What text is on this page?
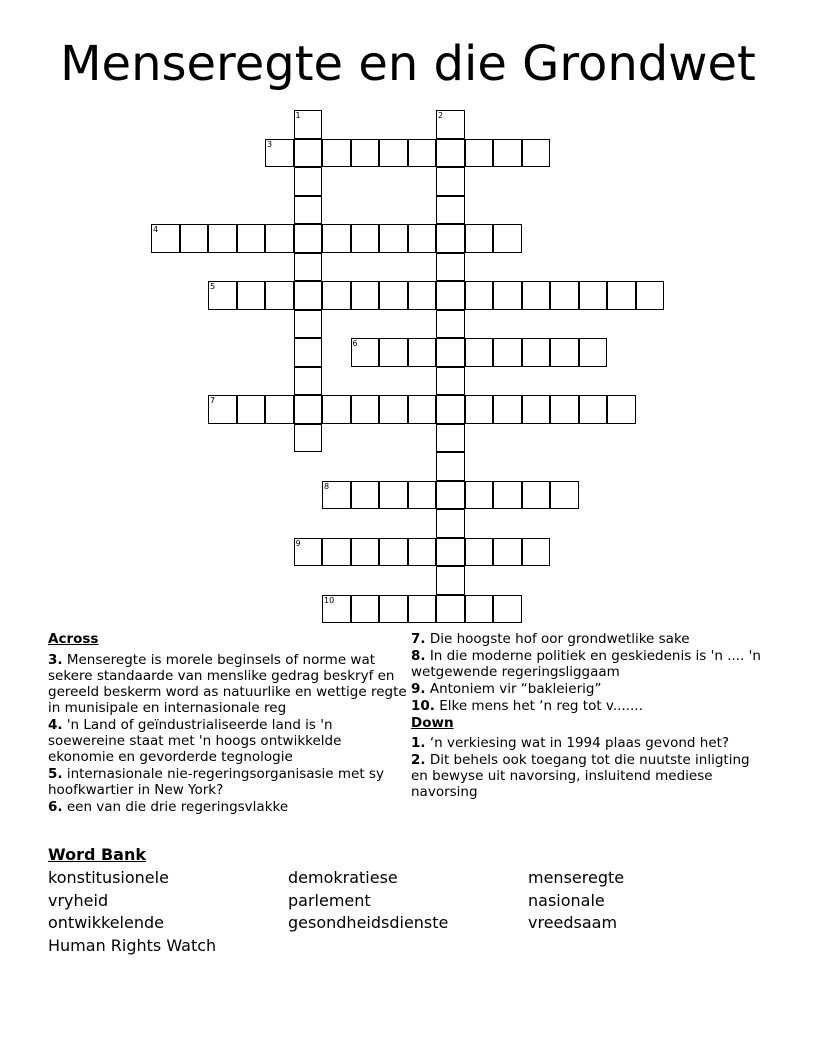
Menseregte en die Grondwet
1	2
3
4
5
6
7
8
9
10
Across

3. Menseregte is morele beginsels of norme wat sekere standaarde van menslike gedrag beskryf en gereeld beskerm word as natuurlike en wettige regte in munisipale en internasionale reg

4. 'n Land of geïndustrialiseerde land is 'n soewereine staat met 'n hoogs ontwikkelde ekonomie en gevorderde tegnologie

5. internasionale nie-regeringsorganisasie met sy hoofkwartier in New York?

6. een van die drie regeringsvlakke

7. Die hoogste hof oor grondwetlike sake

8. In die moderne politiek en geskiedenis is 'n .... 'n wetgewende regeringsliggaam

9. Antoniem vir “bakleierig”

10. Elke mens het ‘n reg tot v.......

Down

1. ‘n verkiesing wat in 1994 plaas gevond het?

2. Dit behels ook toegang tot die nuutste inligting en bewyse uit navorsing, insluitend mediese navorsing

Word Bank
konstitusionele	demokratiese	menseregte
vryheid	parlement	nasionale
ontwikkelende	gesondheidsdienste	vreedsaam
Human Rights Watch
